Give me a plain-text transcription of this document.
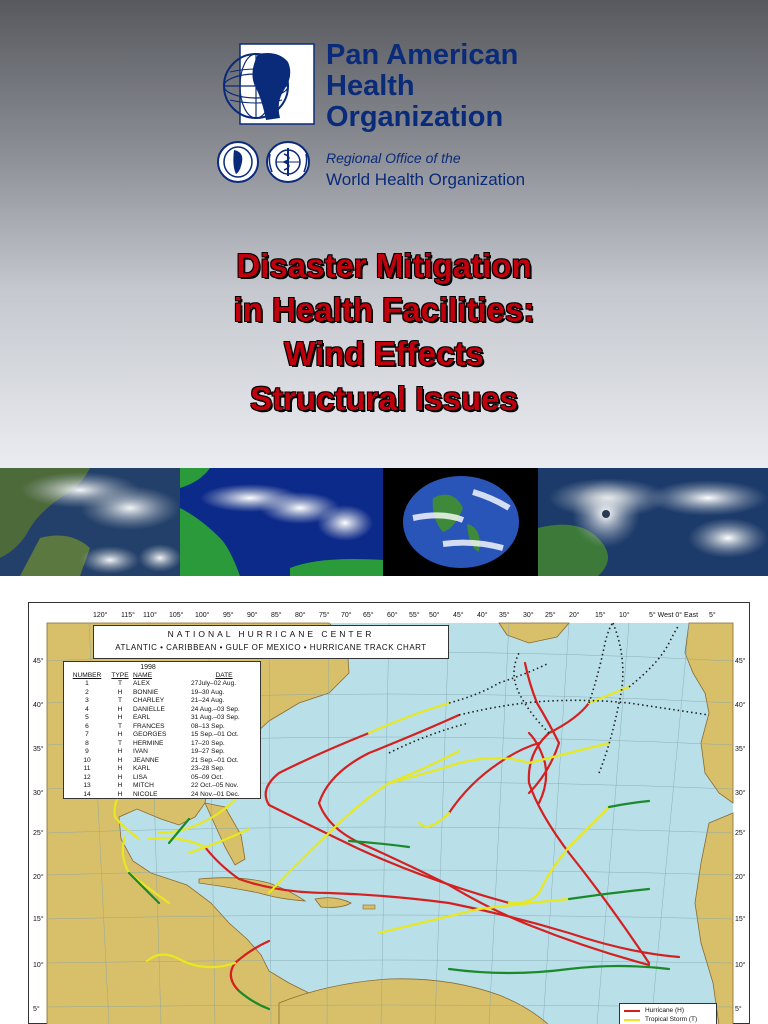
Pan American
Health
Organization
Regional Office of the
World Health Organization
Disaster Mitigation
in Health Facilities:
Wind Effects
Structural Issues
120° 115° 110° 105° 100° 95° 90° 85° 80° 75° 70° 65° 60° 55° 50° 45° 40° 35° 30° 25° 20° 15° 10°	5° West 0° East 5°
45°
40°
35°
30°
25°
20°
15°
10°
5°
45°
40°
35°
30°
25°
20°
15°
10°
5°
NATIONAL HURRICANE CENTER
ATLANTIC • CARIBBEAN • GULF OF MEXICO • HURRICANE TRACK CHART
1998
NUMBER	TYPE	NAME	DATE
1	T	ALEX	27July–02 Aug.
2	H	BONNIE	19–30 Aug.
3	T	CHARLEY	21–24 Aug.
4	H	DANIELLE	24 Aug.–03 Sep.
5	H	EARL	31 Aug.–03 Sep.
6	T	FRANCES	08–13 Sep.
7	H	GEORGES	15 Sep.–01 Oct.
8	T	HERMINE	17–20 Sep.
9	H	IVAN	19–27 Sep.
10	H	JEANNE	21 Sep.–01 Oct.
11	H	KARL	23–28 Sep.
12	H	LISA	05–09 Oct.
13	H	MITCH	22 Oct.–05 Nov.
14	H	NICOLE	24 Nov.–01 Dec.
Hurricane (H)
Tropical Storm (T)
